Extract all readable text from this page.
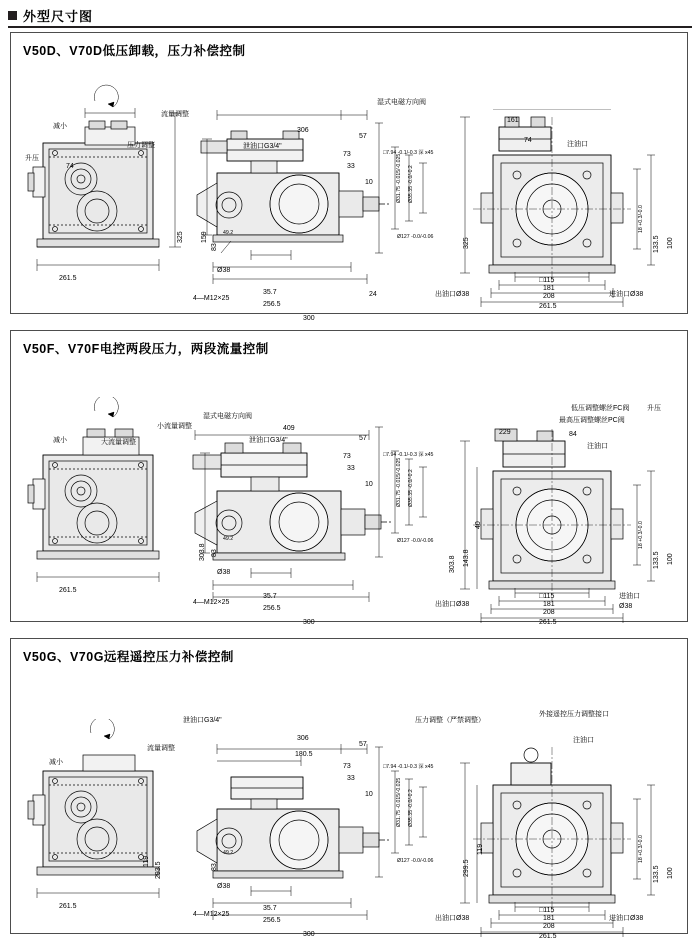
外型尺寸图
V50D、V70D低压卸载，压力补偿控制
减小
升压
74
325
261.5
流量调整
压力调整	泄油口G3/4"
306
57
73
33
10
159
83
49.2
Ø38
4—M12×25
35.7
256.5
300
24
Ø31.75 -0.015/-0.025 Ø35.35 -0.0/-0.2
Ø127 -0.0/-0.06
□7.94 -0.1/-0.3 深 x45
湿式电磁方向阀
161
74
注油口
325
18 +0.3/-0.0
133.5 100
□115
181
208
261.5
出油口Ø38	进油口Ø38
V50F、V70F电控两段压力，两段流量控制
减小
261.5
小流量调整
大流量调整
湿式电磁方向阀
泄油口G3/4"
409
57
73
33
10
303.8 83
49.2
Ø38
4—M12×25
35.7
256.5
300
Ø31.75 -0.015/-0.025 Ø35.35 -0.0/-0.2
Ø127 -0.0/-0.06
□7.94 -0.1/-0.3 深 x45
低压调整螺丝FC阀
最高压调整螺丝PC阀
升压
229	84
注油口
143.8
40
303.8
18 +0.3/-0.0
133.5 100
□115
181
208
261.5
出油口Ø38
进油口
Ø38
V50G、V70G远程遥控压力补偿控制
减小
261.5
119
293.5
泄油口G3/4"
流量调整
306
180.5
57
73
33
10
83
49.2
Ø38
4—M12×25
35.7
256.5
300
Ø31.75 -0.015/-0.025 Ø35.35 -0.0/-0.2
Ø127 -0.0/-0.06
□7.94 -0.1/-0.3 深 x45
压力调整（严禁调整）
外接遥控压力调整接口
注油口
299.5
119	18 +0.3/-0.0
133.5 100
□115
181
208
261.5
出油口Ø38	进油口Ø38
